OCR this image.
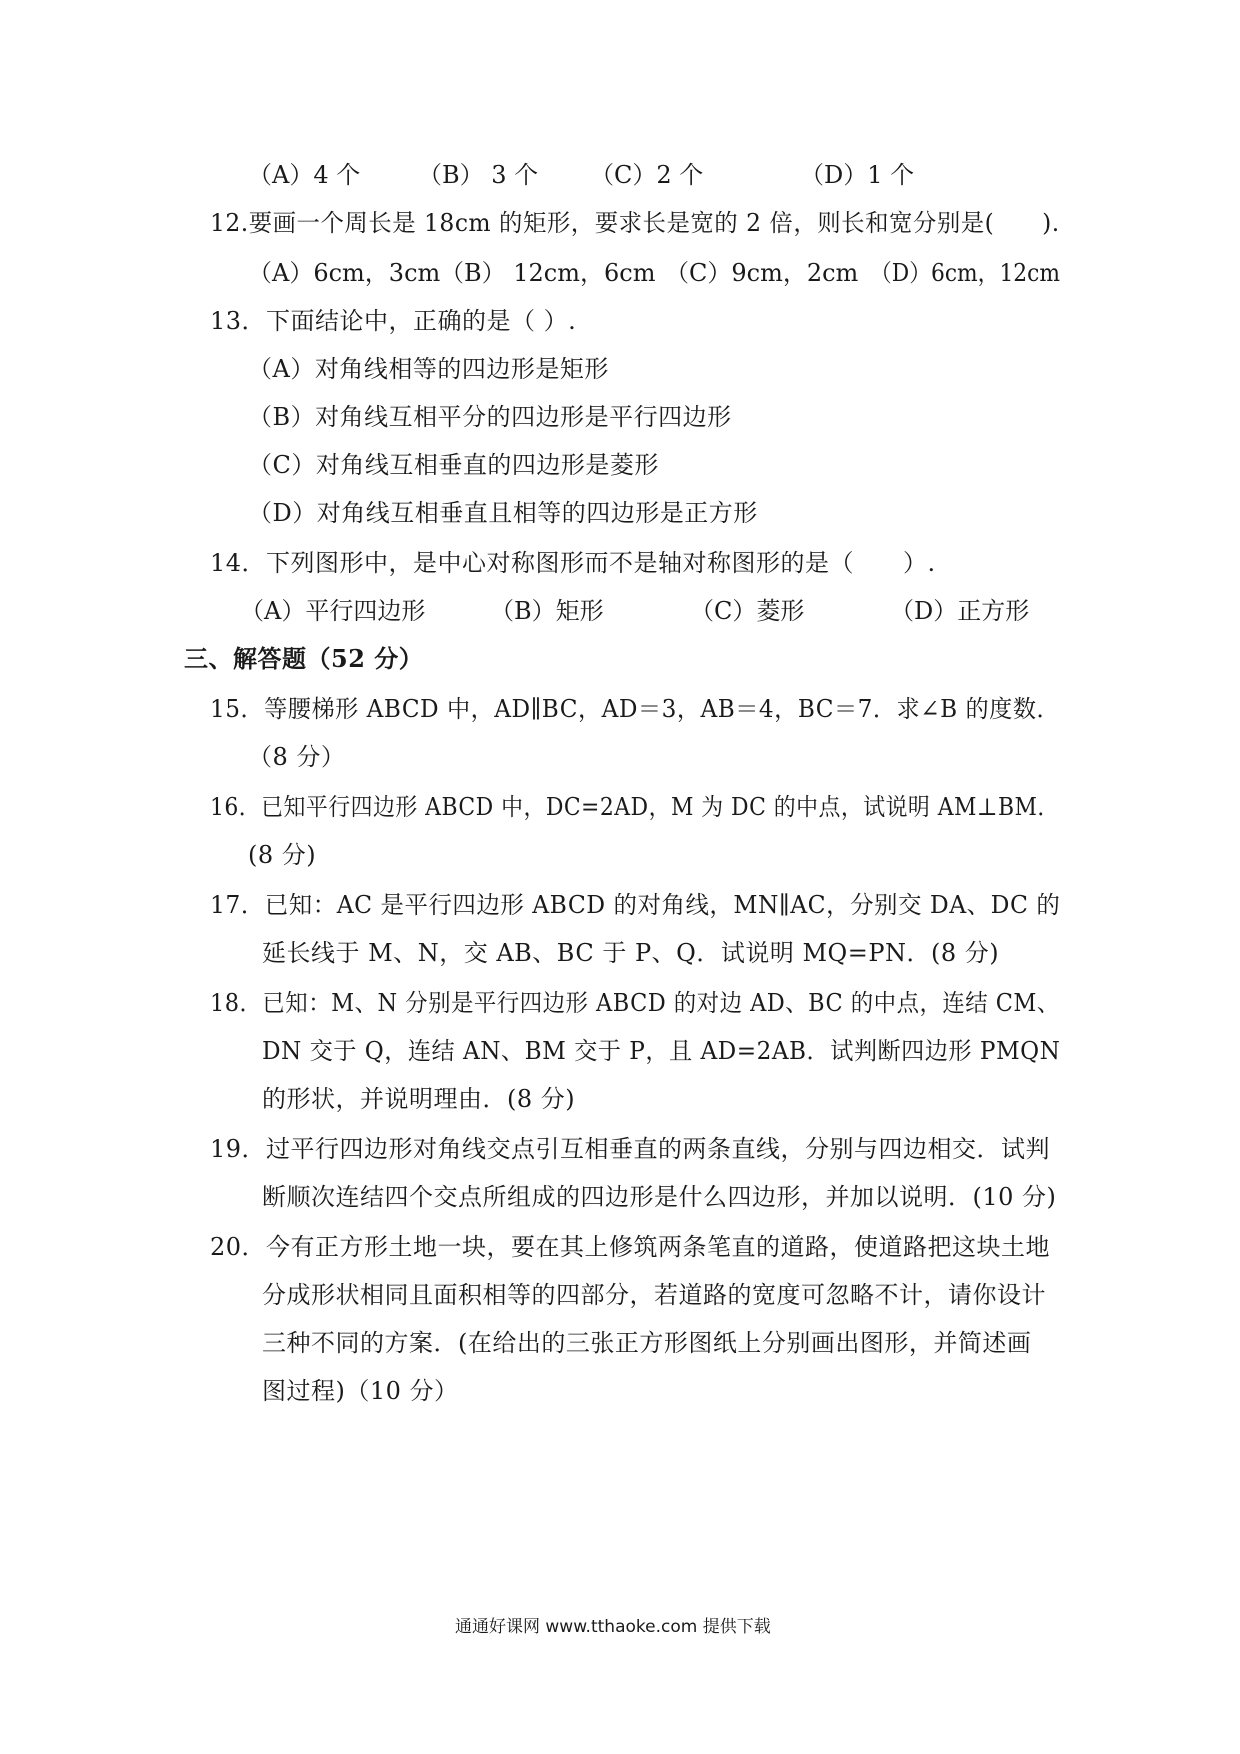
（A）4 个 （B） 3 个 （C）2 个	（D）1 个
12.要画一个周长是 18cm 的矩形，要求长是宽的 2 倍，则长和宽分别是(　　).
（A）6cm，3cm （B） 12cm，6cm （C）9cm，2cm （D）6cm，12cm
13．下面结论中，正确的是（ ）.
（A）对角线相等的四边形是矩形
（B）对角线互相平分的四边形是平行四边形
（C）对角线互相垂直的四边形是菱形
（D）对角线互相垂直且相等的四边形是正方形
14．下列图形中，是中心对称图形而不是轴对称图形的是（　　）.
（A）平行四边形	（B）矩形	（C）菱形	（D）正方形
三、解答题（52 分）
15．等腰梯形 ABCD 中，AD∥BC，AD＝3，AB＝4，BC＝7．求∠B 的度数．
（8 分）
16．已知平行四边形 ABCD 中，DC=2AD，M 为 DC 的中点，试说明 AM⊥BM．
(8 分)
17．已知：AC 是平行四边形 ABCD 的对角线，MN∥AC，分别交 DA、DC 的
延长线于 M、N，交 AB、BC 于 P、Q．试说明 MQ=PN．(8 分)
18．已知：M、N 分别是平行四边形 ABCD 的对边 AD、BC 的中点，连结 CM、
DN 交于 Q，连结 AN、BM 交于 P，且 AD=2AB．试判断四边形 PMQN
的形状，并说明理由．(8 分)
19．过平行四边形对角线交点引互相垂直的两条直线，分别与四边相交．试判
断顺次连结四个交点所组成的四边形是什么四边形，并加以说明．(10 分)
20．今有正方形土地一块，要在其上修筑两条笔直的道路，使道路把这块土地
分成形状相同且面积相等的四部分，若道路的宽度可忽略不计，请你设计
三种不同的方案．(在给出的三张正方形图纸上分别画出图形，并简述画
图过程)（10 分）
通通好课网 www.tthaoke.com 提供下载
